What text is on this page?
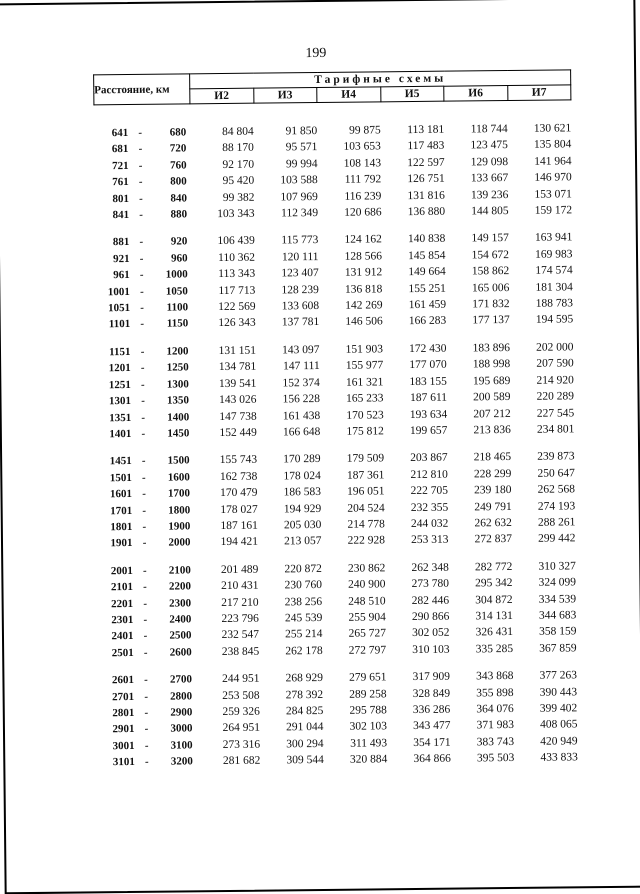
199
Расстояние, км	Тарифные схемы					
	И2	И3	И4	И5	И6	И7

641 - 680	84 804	91 850	99 875	113 181	118 744	130 621
681 - 720	88 170	95 571	103 653	117 483	123 475	135 804
721 - 760	92 170	99 994	108 143	122 597	129 098	141 964
761 - 800	95 420	103 588	111 792	126 751	133 667	146 970
801 - 840	99 382	107 969	116 239	131 816	139 236	153 071
841 - 880	103 343	112 349	120 686	136 880	144 805	159 172

881 - 920	106 439	115 773	124 162	140 838	149 157	163 941
921 - 960	110 362	120 111	128 566	145 854	154 672	169 983
961 - 1000	113 343	123 407	131 912	149 664	158 862	174 574
1001 - 1050	117 713	128 239	136 818	155 251	165 006	181 304
1051 - 1100	122 569	133 608	142 269	161 459	171 832	188 783
1101 - 1150	126 343	137 781	146 506	166 283	177 137	194 595

1151 - 1200	131 151	143 097	151 903	172 430	183 896	202 000
1201 - 1250	134 781	147 111	155 977	177 070	188 998	207 590
1251 - 1300	139 541	152 374	161 321	183 155	195 689	214 920
1301 - 1350	143 026	156 228	165 233	187 611	200 589	220 289
1351 - 1400	147 738	161 438	170 523	193 634	207 212	227 545
1401 - 1450	152 449	166 648	175 812	199 657	213 836	234 801

1451 - 1500	155 743	170 289	179 509	203 867	218 465	239 873
1501 - 1600	162 738	178 024	187 361	212 810	228 299	250 647
1601 - 1700	170 479	186 583	196 051	222 705	239 180	262 568
1701 - 1800	178 027	194 929	204 524	232 355	249 791	274 193
1801 - 1900	187 161	205 030	214 778	244 032	262 632	288 261
1901 - 2000	194 421	213 057	222 928	253 313	272 837	299 442

2001 - 2100	201 489	220 872	230 862	262 348	282 772	310 327
2101 - 2200	210 431	230 760	240 900	273 780	295 342	324 099
2201 - 2300	217 210	238 256	248 510	282 446	304 872	334 539
2301 - 2400	223 796	245 539	255 904	290 866	314 131	344 683
2401 - 2500	232 547	255 214	265 727	302 052	326 431	358 159
2501 - 2600	238 845	262 178	272 797	310 103	335 285	367 859

2601 - 2700	244 951	268 929	279 651	317 909	343 868	377 263
2701 - 2800	253 508	278 392	289 258	328 849	355 898	390 443
2801 - 2900	259 326	284 825	295 788	336 286	364 076	399 402
2901 - 3000	264 951	291 044	302 103	343 477	371 983	408 065
3001 - 3100	273 316	300 294	311 493	354 171	383 743	420 949
3101 - 3200	281 682	309 544	320 884	364 866	395 503	433 833
